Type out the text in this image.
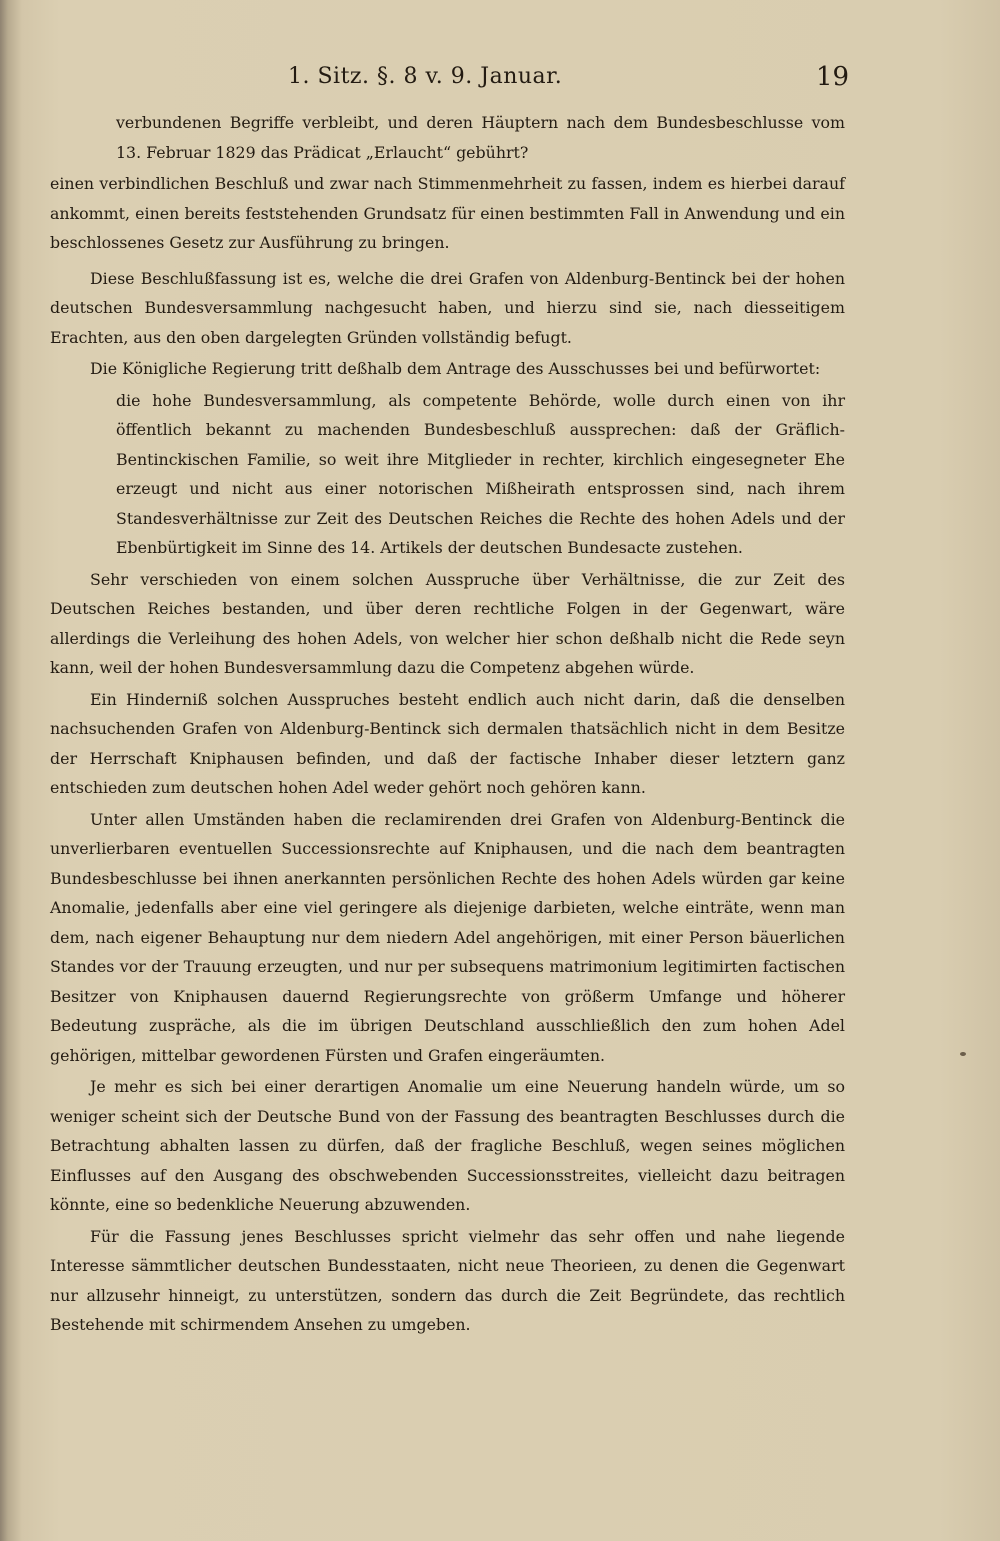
1. Sitz. §. 8 v. 9. Januar.	19

verbundenen Begriffe verbleibt, und deren Häuptern nach dem Bundesbeschlusse vom 13. Februar 1829 das Prädicat „Erlaucht“ gebührt?

einen verbindlichen Beschluß und zwar nach Stimmenmehrheit zu fassen, indem es hierbei darauf ankommt, einen bereits feststehenden Grundsatz für einen bestimmten Fall in Anwendung und ein beschlossenes Gesetz zur Ausführung zu bringen.

Diese Beschlußfassung ist es, welche die drei Grafen von Aldenburg-Bentinck bei der hohen deutschen Bundesversammlung nachgesucht haben, und hierzu sind sie, nach diesseitigem Erachten, aus den oben dargelegten Gründen vollständig befugt.

Die Königliche Regierung tritt deßhalb dem Antrage des Ausschusses bei und befürwortet:

die hohe Bundesversammlung, als competente Behörde, wolle durch einen von ihr öffentlich bekannt zu machenden Bundesbeschluß aussprechen: daß der Gräflich-Bentinckischen Familie, so weit ihre Mitglieder in rechter, kirchlich eingesegneter Ehe erzeugt und nicht aus einer notorischen Mißheirath entsprossen sind, nach ihrem Standesverhältnisse zur Zeit des Deutschen Reiches die Rechte des hohen Adels und der Ebenbürtigkeit im Sinne des 14. Artikels der deutschen Bundesacte zustehen.

Sehr verschieden von einem solchen Ausspruche über Verhältnisse, die zur Zeit des Deutschen Reiches bestanden, und über deren rechtliche Folgen in der Gegenwart, wäre allerdings die Verleihung des hohen Adels, von welcher hier schon deßhalb nicht die Rede seyn kann, weil der hohen Bundesversammlung dazu die Competenz abgehen würde.

Ein Hinderniß solchen Ausspruches besteht endlich auch nicht darin, daß die denselben nachsuchenden Grafen von Aldenburg-Bentinck sich dermalen thatsächlich nicht in dem Besitze der Herrschaft Kniphausen befinden, und daß der factische Inhaber dieser letztern ganz entschieden zum deutschen hohen Adel weder gehört noch gehören kann.

Unter allen Umständen haben die reclamirenden drei Grafen von Aldenburg-Bentinck die unverlierbaren eventuellen Successionsrechte auf Kniphausen, und die nach dem beantragten Bundesbeschlusse bei ihnen anerkannten persönlichen Rechte des hohen Adels würden gar keine Anomalie, jedenfalls aber eine viel geringere als diejenige darbieten, welche einträte, wenn man dem, nach eigener Behauptung nur dem niedern Adel angehörigen, mit einer Person bäuerlichen Standes vor der Trauung erzeugten, und nur per subsequens matrimonium legitimirten factischen Besitzer von Kniphausen dauernd Regierungsrechte von größerm Umfange und höherer Bedeutung zuspräche, als die im übrigen Deutschland ausschließlich den zum hohen Adel gehörigen, mittelbar gewordenen Fürsten und Grafen eingeräumten.

Je mehr es sich bei einer derartigen Anomalie um eine Neuerung handeln würde, um so weniger scheint sich der Deutsche Bund von der Fassung des beantragten Beschlusses durch die Betrachtung abhalten lassen zu dürfen, daß der fragliche Beschluß, wegen seines möglichen Einflusses auf den Ausgang des obschwebenden Successionsstreites, vielleicht dazu beitragen könnte, eine so bedenkliche Neuerung abzuwenden.

Für die Fassung jenes Beschlusses spricht vielmehr das sehr offen und nahe liegende Interesse sämmtlicher deutschen Bundesstaaten, nicht neue Theorieen, zu denen die Gegenwart nur allzusehr hinneigt, zu unterstützen, sondern das durch die Zeit Begründete, das rechtlich Bestehende mit schirmendem Ansehen zu umgeben.
